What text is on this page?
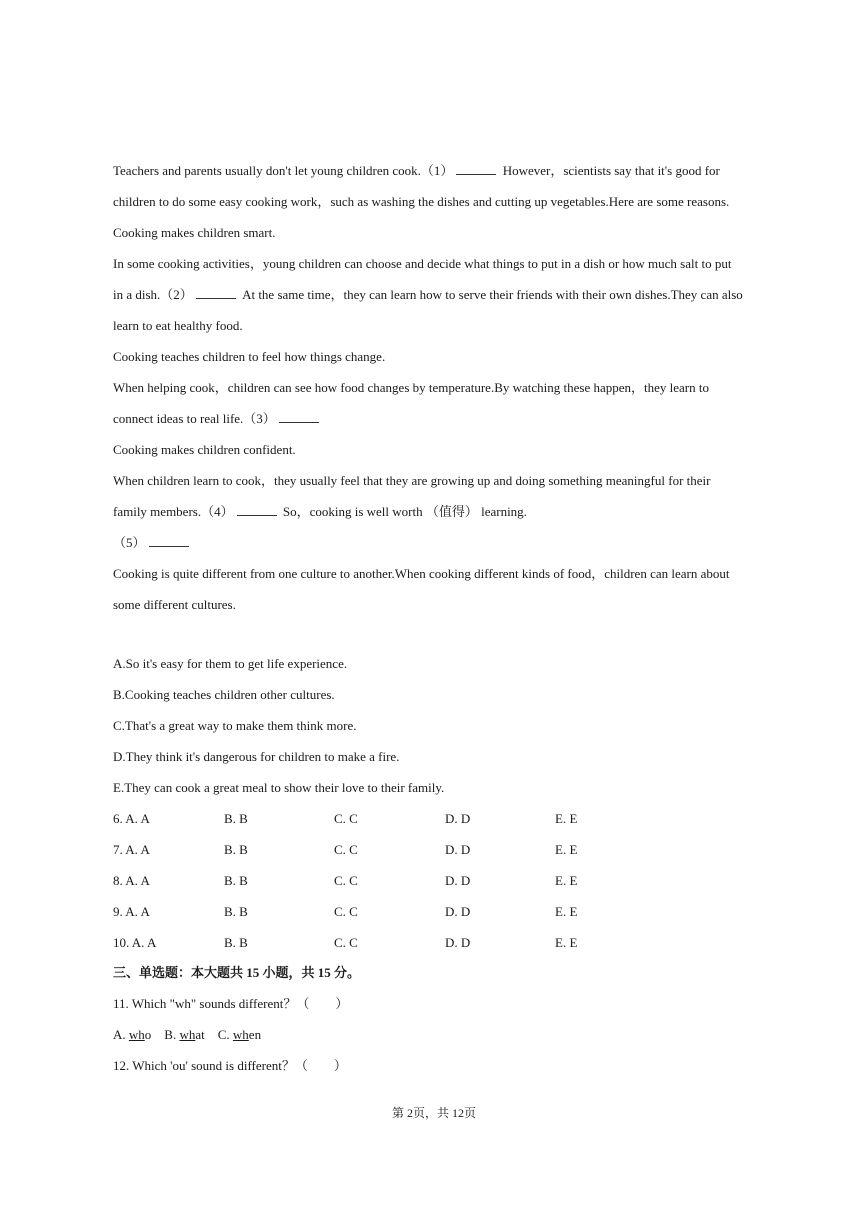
Teachers and parents usually don't let young children cook.（1）	However，scientists say that it's good for
children to do some easy cooking work，such as washing the dishes and cutting up vegetables.Here are some reasons.
Cooking makes children smart.
In some cooking activities，young children can choose and decide what things to put in a dish or how much salt to put
in a dish.（2）	At the same time，they can learn how to serve their friends with their own dishes.They can also
learn to eat healthy food.
Cooking teaches children to feel how things change.
When helping cook，children can see how food changes by temperature.By watching these happen，they learn to
connect ideas to real life.（3）
Cooking makes children confident.
When children learn to cook，they usually feel that they are growing up and doing something meaningful for their
family members.（4）	So，cooking is well worth （值得） learning.
（5）
Cooking is quite different from one culture to another.When cooking different kinds of food，children can learn about
some different cultures.
A.So it's easy for them to get life experience.
B.Cooking teaches children other cultures.
C.That's a great way to make them think more.
D.They think it's dangerous for children to make a fire.
E.They can cook a great meal to show their love to their family.
6. A. A	B. B	C. C	D. D	E. E
7. A. A	B. B	C. C	D. D	E. E
8. A. A	B. B	C. C	D. D	E. E
9. A. A	B. B	C. C	D. D	E. E
10. A. A	B. B	C. C	D. D	E. E
三、单选题：本大题共 15 小题，共 15 分。
11. Which "wh" sounds different？（　　）
A. who B. what C. when
12. Which 'ou' sound is different？（　　）
第 2页，共 12页
